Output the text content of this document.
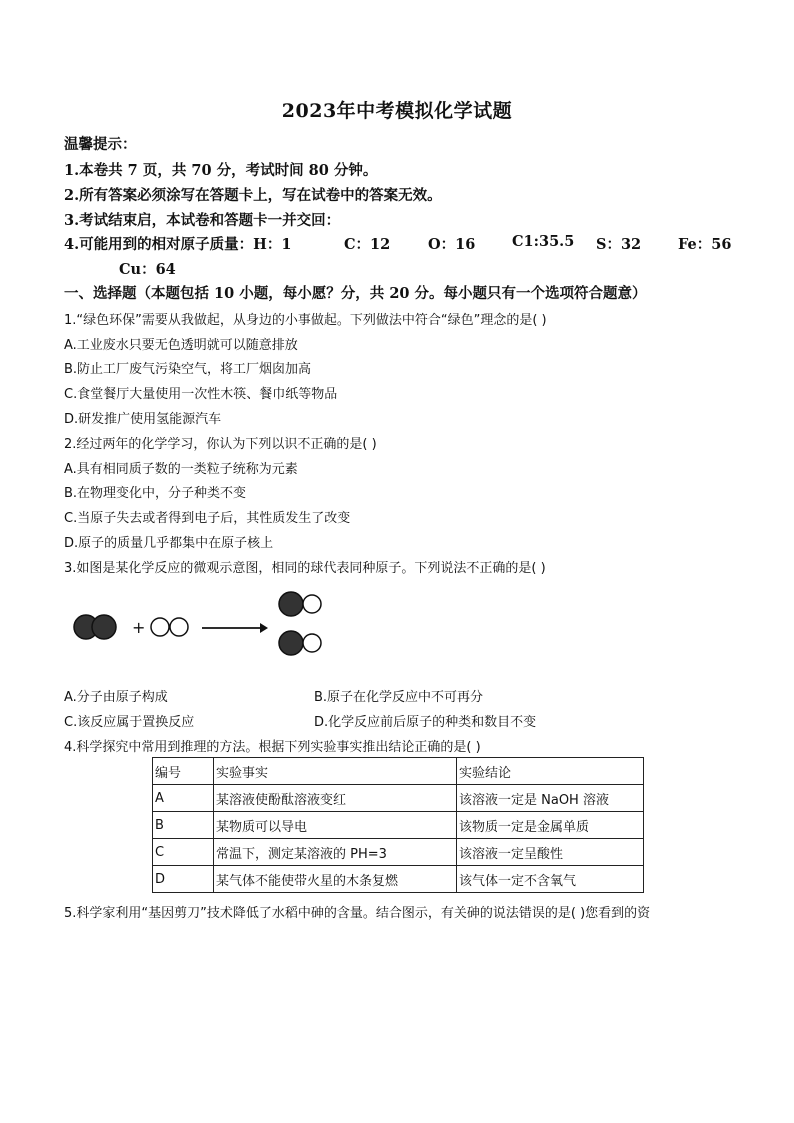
2023年中考模拟化学试题
温馨提示：
1.本卷共 7 页，共 70 分，考试时间 80 分钟。
2.所有答案必须涂写在答题卡上，写在试卷中的答案无效。
3.考试结束启，本试卷和答题卡一并交回：
4.可能用到的相对原子质量：H：1	C：12	O：16	C1:35.5 S：32	Fe：56
Cu：64
一、选择题（本题包括 10 小题，每小愿？分，共 20 分。每小题只有一个选项符合题意）
1.“绿色环保”需要从我做起，从身边的小事做起。下列做法中符合“绿色”理念的是( )
A.工业废水只要无色透明就可以随意排放
B.防止工厂废气污染空气，将工厂烟囱加高
C.食堂餐厅大量使用一次性木筷、餐巾纸等物品
D.研发推广使用氢能源汽车
2.经过两年的化学学习，你认为下列以识不正确的是( )
A.具有相同质子数的一类粒子统称为元素
B.在物理变化中，分子种类不变
C.当原子失去或者得到电子后，其性质发生了改变
D.原子的质量几乎都集中在原子核上
3.如图是某化学反应的微观示意图，相同的球代表同种原子。下列说法不正确的是( )
+
A.分子由原子构成	B.原子在化学反应中不可再分
C.该反应属于置换反应	D.化学反应前后原子的种类和数目不变
4.科学探究中常用到推理的方法。根据下列实验事实推出结论正确的是( )
编号	实验事实	实验结论
A	某溶液使酚酞溶液变红	该溶液一定是 NaOH 溶液
B	某物质可以导电	该物质一定是金属单质
C	常温下，测定某溶液的 PH=3	该溶液一定呈酸性
D	某气体不能使带火星的木条复燃	该气体一定不含氧气
5.科学家利用“基因剪刀”技术降低了水稻中砷的含量。结合图示，有关砷的说法错误的是( )您看到的资
